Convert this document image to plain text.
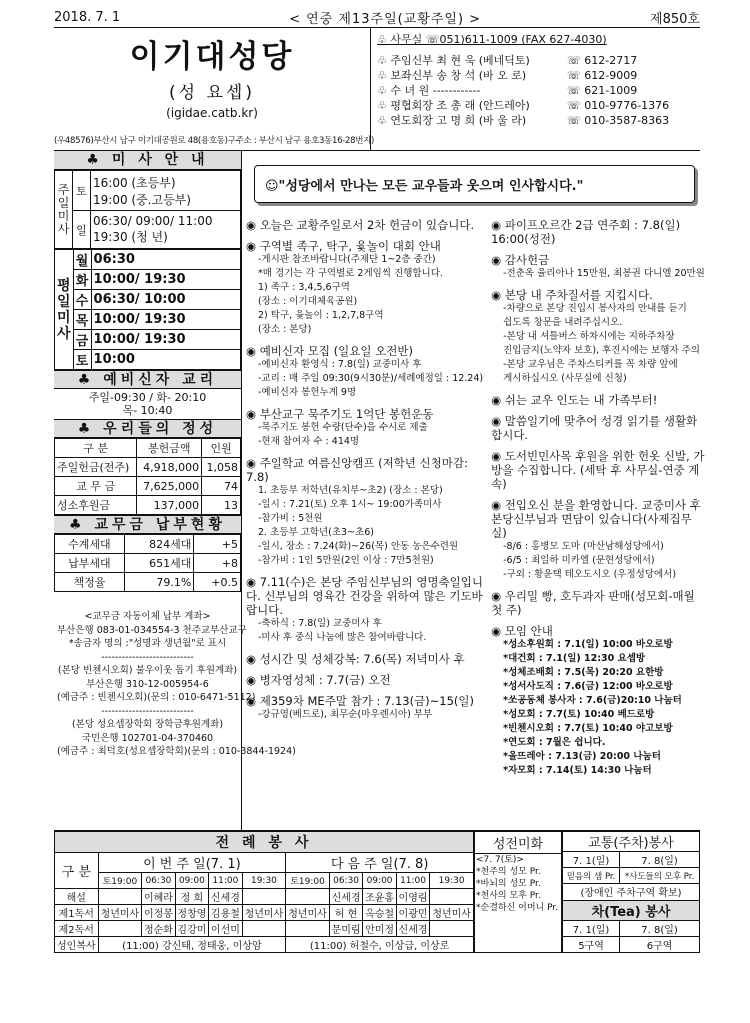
2018. 7. 1	< 연중 제13주일(교황주일) >	제850호
이기대성당
(성 요셉)
(igidae.catb.kr)
(우48576)부산시 남구 이기대공원로 48(용호동)구주소 : 부산시 남구 용호3동16-28번지)
♧ 사무실 ☏051)611-1009 (FAX 627-4030)
♧ 주임신부 최 현 욱 (베네딕토)	☏ 612-2717
♧ 보좌신부 송 창 석 (바 오 로)	☏ 612-9009
♧ 수 녀 원 ------------	☏ 621-1009
♧ 평협회장 조 총 래 (안드레아)	☏ 010-9776-1376
♧ 연도회장 고 명 희 (바 울 라)	☏ 010-3587-8363
♣ 미 사 안 내
주일미사	토	16:00 (초등부)
19:00 (중.고등부)
	일	06:30/ 09:00/ 11:00
19:30 (청 년)
평일미사	월	06:30
	화	10:00/ 19:30
	수	06:30/ 10:00
	목	10:00/ 19:30
	금	10:00/ 19:30
	토	10:00
♣ 예비신자 교리
주일-09:30 / 화- 20:10
목- 10:40
♣ 우리들의 정성
구 분	봉헌금액	인원
주일헌금(전주)	4,918,000	1,058
교 무 금	7,625,000	74
성소후원금	137,000	13
♣ 교무금 납부현황
수계세대	824세대	+5
납부세대	651세대	+8
책정율	79.1%	+0.5
<교무금 자동이체 납부 계좌>
부산은행 083-01-034554-3 천주교부산교구
*송금자 명의 :"성명과 생년월"로 표시
---------------------------
(본당 빈첸시오회) 불우이웃 돕기 후원계좌)
부산은행 310-12-005954-6
(예금주 : 빈첸시오회)(문의 : 010-6471-5112)
---------------------------
(본당 성요셉장학회 장학금후원계좌)
국민은행 102701-04-370460
(예금주 : 최덕호(성요셉장학회)(문의 : 010-3844-1924)
☺"성당에서 만나는 모든 교우들과 웃으며 인사합시다."
◉ 오늘은 교황주일로서 2차 헌금이 있습니다.
◉ 구역별 족구, 탁구, 윷놀이 대회 안내
-게시판 참조바랍니다(주제단 1~2층 중간)
*매 경기는 각 구역별로 2게임씩 진행합니다.
1) 족구 : 3,4,5,6구역
(장소 : 이기대체육공원)
2) 탁구, 윷놀이 : 1,2,7,8구역
(장소 : 본당)
◉ 예비신자 모집 (일요일 오전반)
-예비신자 환영식 : 7.8(일) 교중미사 후
-교리 : 매 주일 09:30(9시30분)/세례예정일 : 12.24)
-예비신자 봉헌누계 9명
◉ 부산교구 묵주기도 1억단 봉헌운동
-묵주기도 봉헌 수량(단수)을 수시로 제출
-현재 참여자 수 : 414명
◉ 주일학교 여름신앙캠프 (저학년 신청마감: 7.8)
1. 초등부 저학년(유치부~초2) (장소 : 본당)
-일시 : 7.21(토) 오후 1시~ 19:00가족미사
-참가비 : 5천원
2. 초등부 고학년(초3~초6)
-일시, 장소 : 7.24(화)~26(목) 안동 농은수련원
-참가비 : 1인 5만원(2인 이상 : 7만5천원)
◉ 7.11(수)은 본당 주임신부님의 영명축일입니다. 신부님의 영육간 건강을 위하여 많은 기도바랍니다.
-축하식 : 7.8(일) 교중미사 후
-미사 후 중식 나눔에 많은 참여바랍니다.
◉ 성시간 및 성체강복: 7.6(목) 저녁미사 후
◉ 병자영성체 : 7.7(금) 오전
◉ 제359차 ME주말 참가 : 7.13(금)~15(일)
-강규영(베드로), 최무순(마우렌시아) 부부
◉ 파이프오르간 2급 연주회 : 7.8(일) 16:00(성전)
◉ 감사헌금
-전춘옥 율리아나 15만원, 최봉권 다니엘 20만원
◉ 본당 내 주차질서를 지킵시다.
-차량으로 본당 진입시 봉사자의 안내를 듣기
쉽도록 창문을 내려주십시오.
-본당 내 셔틀버스 하차시에는 지하주차장
진입금지(노약자 보호), 후진시에는 보행자 주의
-본당 교우님은 주차스티커를 꼭 차량 앞에
게시하십시오 (사무실에 신청)
◉ 쉬는 교우 인도는 내 가족부터!
◉ 말씀일기에 맞추어 성경 읽기를 생활화 합시다.
◉ 도서빈민사목 후원을 위한 헌옷 신발, 가방을 수집합니다. (세탁 후 사무실-연중 계속)
◉ 전입오신 분을 환영합니다. 교중미사 후 본당신부님과 면담이 있습니다(사제집무실)
-8/6 : 홍병모 도마 (마산남해성당에서)
-6/5 : 최일하 미카엘 (문현성당에서)
-구외 : 황윤택 테오도시오 (우정성당에서)
◉ 우리밀 빵, 호두과자 판매(성모회-매월 첫 주)
◉ 모임 안내
*성소후원회 : 7.1(일) 10:00 바오로방
*대건회 : 7.1(일) 12:30 요셉방
*성체조배회 : 7.5(목) 20:20 요한방
*성서사도직 : 7.6(금) 12:00 바오로방
*쏘공동체 봉사자 : 7.6(금)20:10 나눔터
*성모회 : 7.7(토) 10:40 베드로방
*빈첸시오회 : 7.7(토) 10:40 야고보방
*연도회 : 7월은 쉽니다.
*올뜨레아 : 7.13(금) 20:00 나눔터
*자모회 : 7.14(토) 14:30 나눔터
전 례 봉 사										
구 분	이 번 주 일(7. 1)					다 음 주 일(7. 8)			
	토19:00	06:30	09:00	11:00	19:30	토19:00	06:30	09:00	11:00	19:30
해설		이혜라	정 희	신세경			신세경	조윤홍	이영림	
제1독서	청년미사	이정봉	정창영	김용철	청년미사	청년미사	허 현	옥승철	이광민	청년미사
제2독서		정순화	김강미	이선미			문미림	안미정	신세경	
성인복사	(11:00) 강신태, 정태웅, 이상암					(11:00) 허철수, 이상급, 이상로				
성전미화

<7. 7(토)>
*천주의 성모 Pr.
*바뇌의 성모 Pr.
*천사의 모후 Pr.
*순결하신 어머니 Pr.
교통(주차)봉사	
7. 1(일)	7. 8(일)
믿음의 샘 Pr.	*사도들의 모후 Pr.
(장애인 주차구역 확보)	
차(Tea) 봉사	
7. 1(일)	7. 8(일)
5구역	6구역
